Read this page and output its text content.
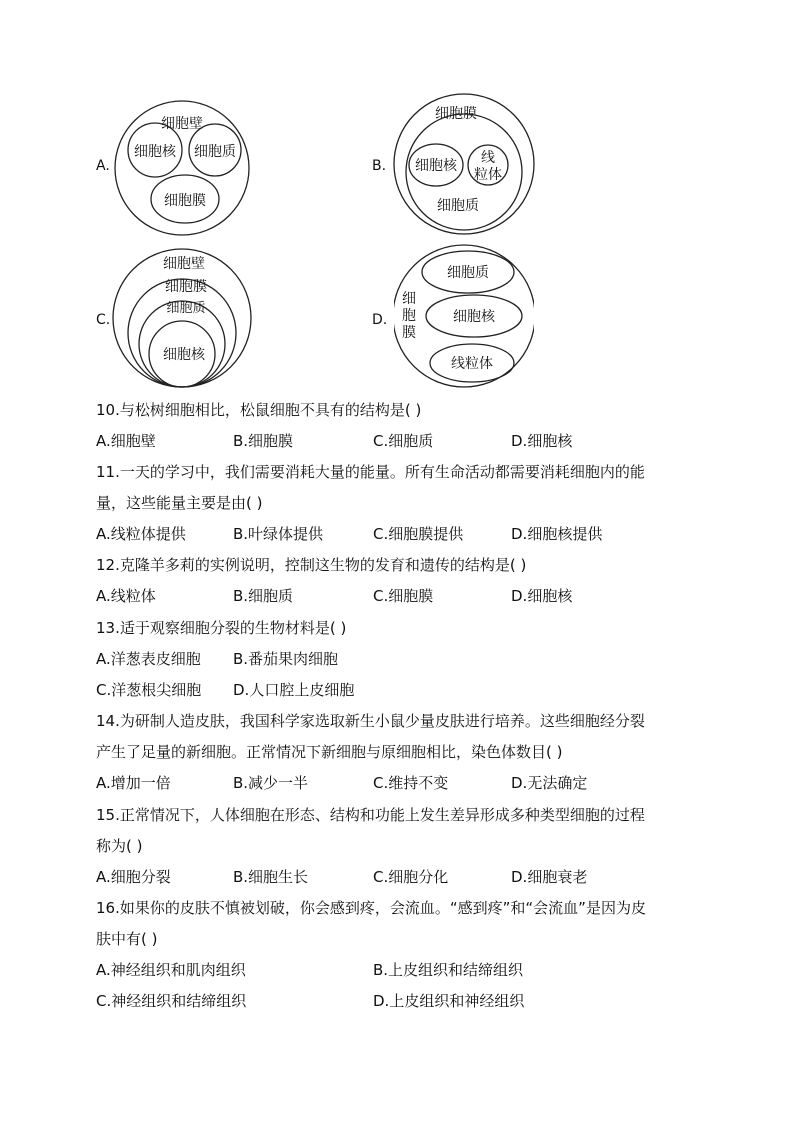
A.
细胞壁
细胞核 细胞质
细胞膜
B.
细胞膜
细胞核 线
粒体
细胞质
C.
细胞壁
细胞膜
细胞质
细胞核
D.
细
胞
膜
细胞质
细胞核
线粒体
10.与松树细胞相比，松鼠细胞不具有的结构是( )
A.细胞壁	B.细胞膜	C.细胞质	D.细胞核
11.一天的学习中，我们需要消耗大量的能量。所有生命活动都需要消耗细胞内的能
量，这些能量主要是由( )
A.线粒体提供	B.叶绿体提供	C.细胞膜提供	D.细胞核提供
12.克隆羊多莉的实例说明，控制这生物的发育和遗传的结构是( )
A.线粒体	B.细胞质	C.细胞膜	D.细胞核
13.适于观察细胞分裂的生物材料是( )
A.洋葱表皮细胞 B.番茄果肉细胞
C.洋葱根尖细胞 D.人口腔上皮细胞
14.为研制人造皮肤，我国科学家选取新生小鼠少量皮肤进行培养。这些细胞经分裂
产生了足量的新细胞。正常情况下新细胞与原细胞相比，染色体数目( )
A.增加一倍	B.减少一半	C.维持不变	D.无法确定
15.正常情况下，人体细胞在形态、结构和功能上发生差异形成多种类型细胞的过程
称为( )
A.细胞分裂	B.细胞生长	C.细胞分化	D.细胞衰老
16.如果你的皮肤不慎被划破，你会感到疼，会流血。“感到疼”和“会流血”是因为皮
肤中有( )
A.神经组织和肌肉组织	B.上皮组织和结缔组织
C.神经组织和结缔组织	D.上皮组织和神经组织
